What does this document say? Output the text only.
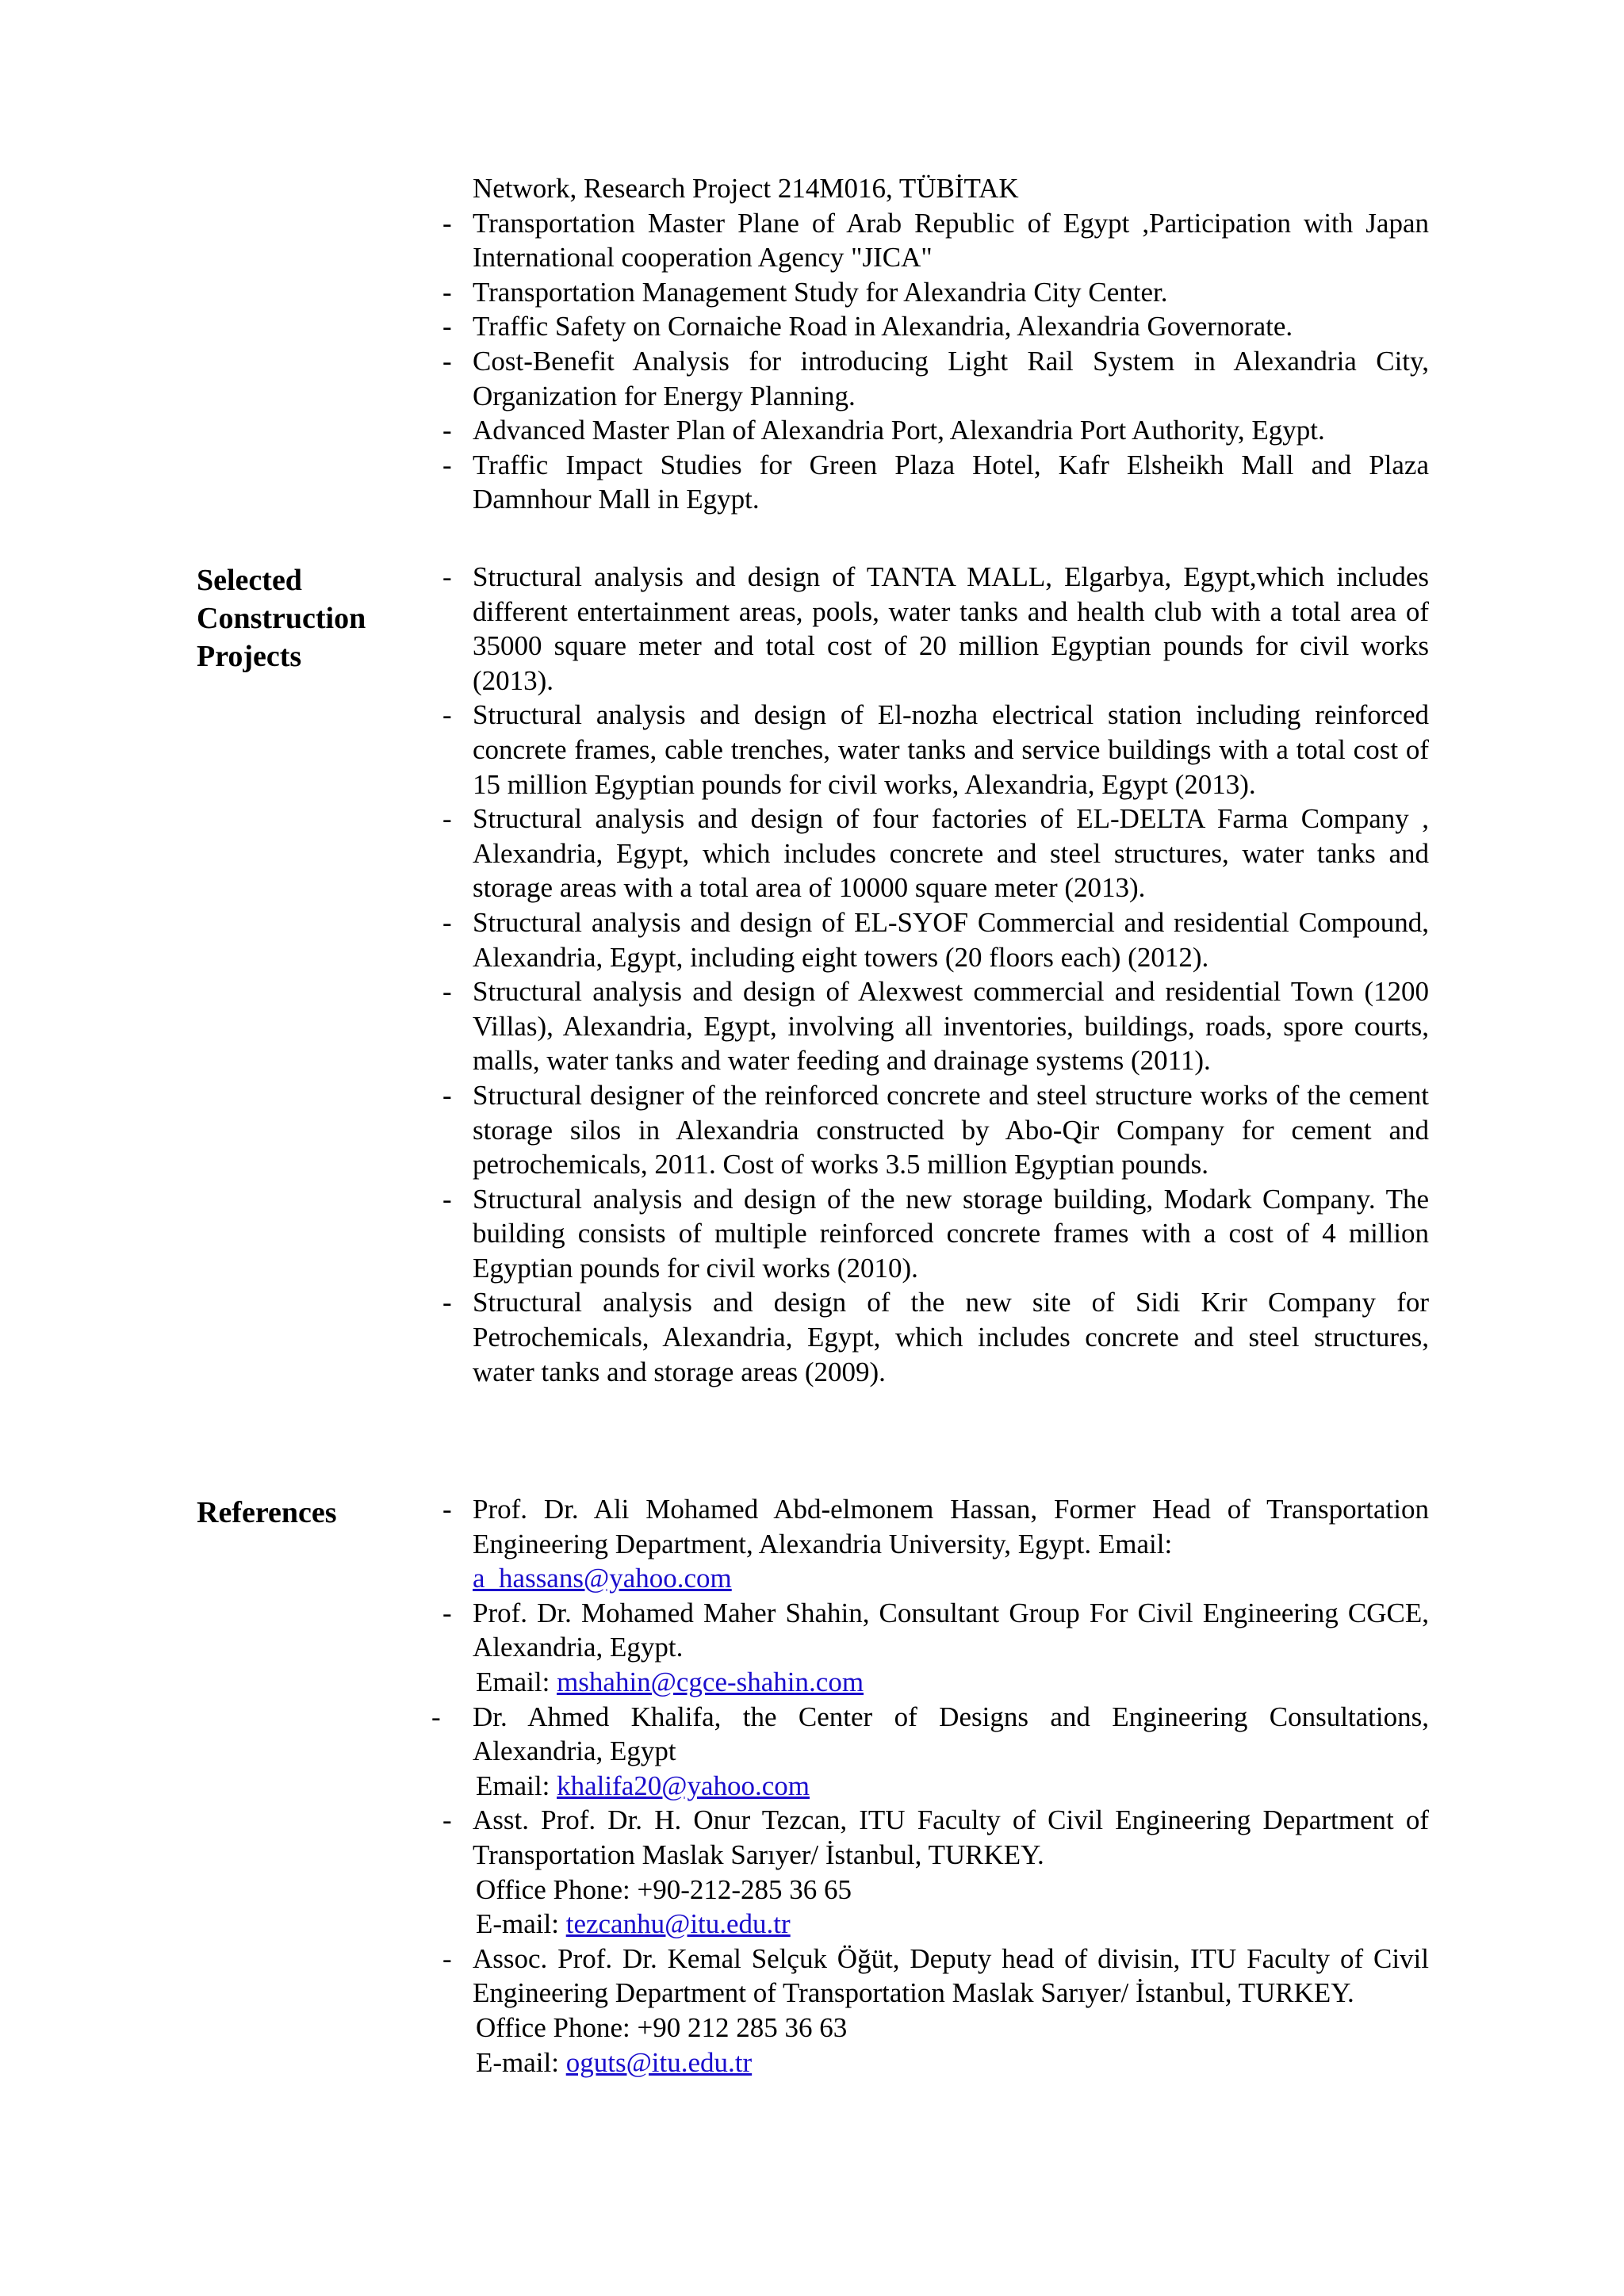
Network, Research Project 214M016, TÜBİTAK
- Transportation Master Plane of Arab Republic of Egypt ,Participation with Japan International cooperation Agency "JICA"
- Transportation Management Study for Alexandria City Center.
- Traffic Safety on Cornaiche Road in Alexandria, Alexandria Governorate.
- Cost-Benefit Analysis for introducing Light Rail System in Alexandria City, Organization for Energy Planning.
- Advanced Master Plan of Alexandria Port, Alexandria Port Authority, Egypt.
- Traffic Impact Studies for Green Plaza Hotel, Kafr Elsheikh Mall and Plaza Damnhour Mall in Egypt.
Selected
Construction
Projects
- Structural analysis and design of TANTA MALL, Elgarbya, Egypt,which includes different entertainment areas, pools, water tanks and health club with a total area of 35000 square meter and total cost of 20 million Egyptian pounds for civil works (2013).
- Structural analysis and design of El-nozha electrical station including reinforced concrete frames, cable trenches, water tanks and service buildings with a total cost of 15 million Egyptian pounds for civil works, Alexandria, Egypt (2013).
- Structural analysis and design of four factories of EL-DELTA Farma Company , Alexandria, Egypt, which includes concrete and steel structures, water tanks and storage areas with a total area of 10000 square meter (2013).
- Structural analysis and design of EL-SYOF Commercial and residential Compound, Alexandria, Egypt, including eight towers (20 floors each) (2012).
- Structural analysis and design of Alexwest commercial and residential Town (1200 Villas), Alexandria, Egypt, involving all inventories, buildings, roads, spore courts, malls, water tanks and water feeding and drainage systems (2011).
- Structural designer of the reinforced concrete and steel structure works of the cement storage silos in Alexandria constructed by Abo-Qir Company for cement and petrochemicals, 2011. Cost of works 3.5 million Egyptian pounds.
- Structural analysis and design of the new storage building, Modark Company. The building consists of multiple reinforced concrete frames with a cost of 4 million Egyptian pounds for civil works (2010).
- Structural analysis and design of the new site of Sidi Krir Company for Petrochemicals, Alexandria, Egypt, which includes concrete and steel structures, water tanks and storage areas (2009).
References	- Prof. Dr. Ali Mohamed Abd-elmonem Hassan, Former Head of Transportation Engineering Department, Alexandria University, Egypt. Email:
a_hassans@yahoo.com
- Prof. Dr. Mohamed Maher Shahin, Consultant Group For Civil Engineering CGCE, Alexandria, Egypt.
Email: mshahin@cgce-shahin.com
- Dr. Ahmed Khalifa, the Center of Designs and Engineering Consultations, Alexandria, Egypt
Email: khalifa20@yahoo.com
- Asst. Prof. Dr. H. Onur Tezcan, ITU Faculty of Civil Engineering Department of Transportation Maslak Sarıyer/ İstanbul, TURKEY.
Office Phone: +90-212-285 36 65
E-mail: tezcanhu@itu.edu.tr
- Assoc. Prof. Dr. Kemal Selçuk Öğüt, Deputy head of divisin, ITU Faculty of Civil Engineering Department of Transportation Maslak Sarıyer/ İstanbul, TURKEY.
Office Phone: +90 212 285 36 63
E-mail: oguts@itu.edu.tr
